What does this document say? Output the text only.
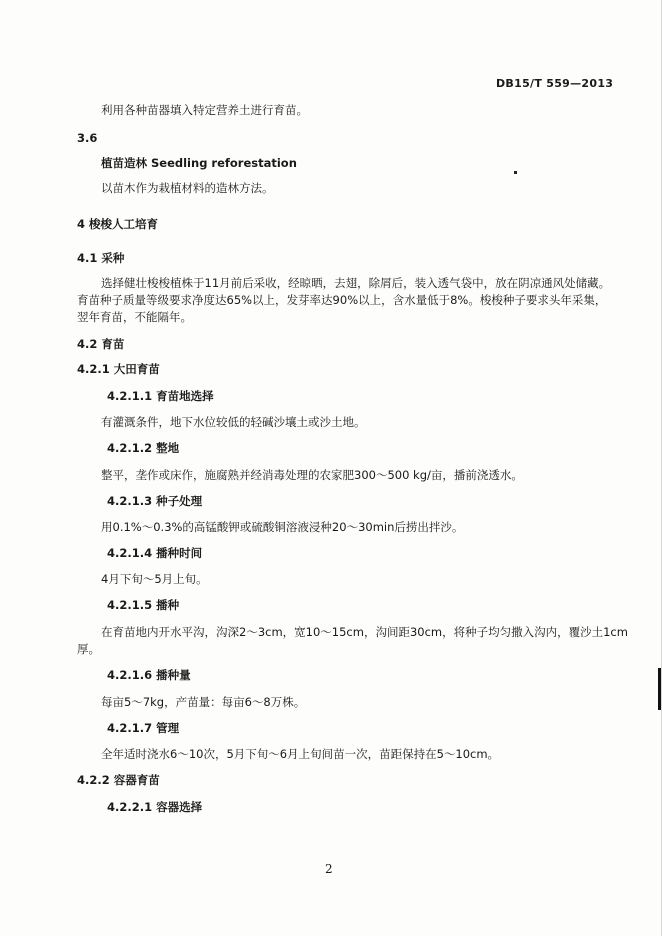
DB15/T 559—2013
利用各种苗器填入特定营养土进行育苗。
3.6
植苗造林 Seedling reforestation
以苗木作为栽植材料的造林方法。
4 梭梭人工培育
4.1 采种
选择健壮梭梭植株于11月前后采收，经晾晒，去翅，除屑后，装入透气袋中，放在阴凉通风处储藏。
育苗种子质量等级要求净度达65%以上，发芽率达90%以上，含水量低于8%。梭梭种子要求头年采集，
翌年育苗，不能隔年。
4.2 育苗
4.2.1 大田育苗
4.2.1.1 育苗地选择
有灌溉条件，地下水位较低的轻碱沙壤土或沙土地。
4.2.1.2 整地
整平，垄作或床作，施腐熟并经消毒处理的农家肥300～500 kg/亩，播前浇透水。
4.2.1.3 种子处理
用0.1%～0.3%的高锰酸钾或硫酸铜溶液浸种20～30min后捞出拌沙。
4.2.1.4 播种时间
4月下旬～5月上旬。
4.2.1.5 播种
在育苗地内开水平沟，沟深2～3cm，宽10～15cm，沟间距30cm，将种子均匀撒入沟内，覆沙土1cm
厚。
4.2.1.6 播种量
每亩5～7kg，产苗量：每亩6～8万株。
4.2.1.7 管理
全年适时浇水6～10次，5月下旬～6月上旬间苗一次，苗距保持在5～10cm。
4.2.2 容器育苗
4.2.2.1 容器选择
2
